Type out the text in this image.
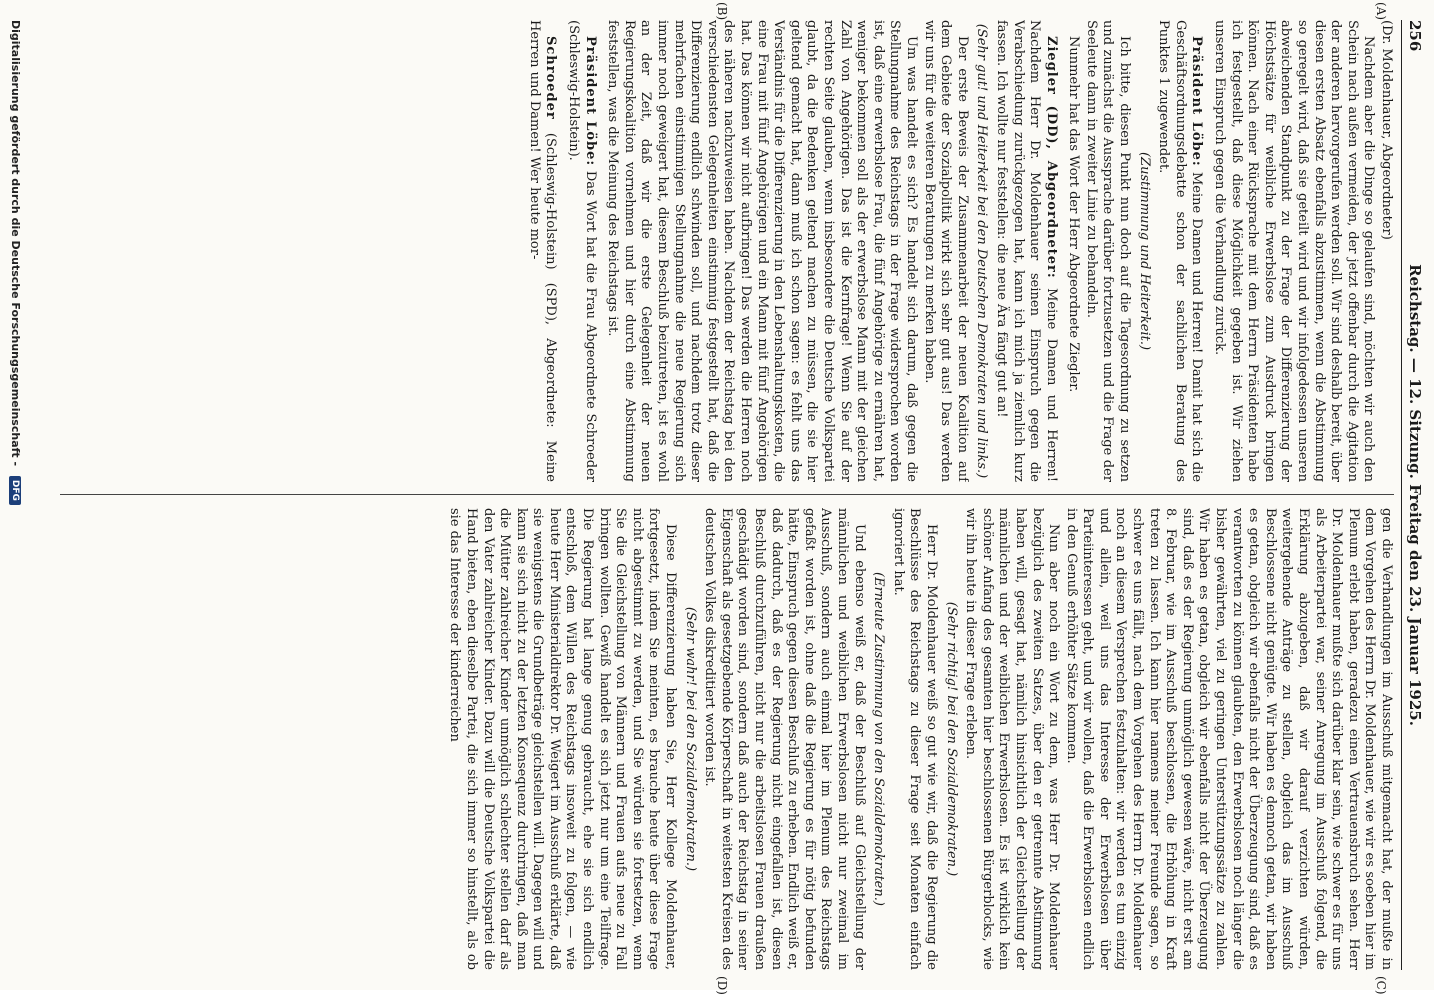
256
Reichstag. — 12. Sitzung. Freitag den 23. Januar 1925.
(A)
(B)
(C)
(D)

(Dr. Moldenhauer, Abgeordneter)

Nachdem aber die Dinge so gelaufen sind, möchten wir auch den Schein nach außen vermeiden, der jetzt offenbar durch die Agitation der anderen hervorgerufen werden soll. Wir sind deshalb bereit, über diesen ersten Absatz ebenfalls abzustimmen, wenn die Abstimmung so geregelt wird, daß sie geteilt wird und wir infolgedessen unseren abweichenden Standpunkt zu der Frage der Differenzierung der Höchstsätze für weibliche Erwerbslose zum Ausdruck bringen können. Nach einer Rücksprache mit dem Herrn Präsidenten habe ich festgestellt, daß diese Möglichkeit gegeben ist. Wir ziehen unseren Einspruch gegen die Verhandlung zurück.

Präsident Löbe: Meine Damen und Herren! Damit hat sich die Geschäftsordnungsdebatte schon der sachlichen Beratung des Punktes 1 zugewendet.

(Zustimmung und Heiterkeit.)

Ich bitte, diesen Punkt nun doch auf die Tagesordnung zu setzen und zunächst die Aussprache darüber fortzusetzen und die Frage der Seeleute dann in zweiter Linie zu behandeln.

Nunmehr hat das Wort der Herr Abgeordnete Ziegler.

Ziegler (DD), Abgeordneter: Meine Damen und Herren! Nachdem Herr Dr. Moldenhauer seinen Einspruch gegen die Verabschiedung zurückgezogen hat, kann ich mich ja ziemlich kurz fassen. Ich wollte nur feststellen: die neue Ära fängt gut an!

(Sehr gut! und Heiterkeit bei den Deutschen Demokraten und links.)

Der erste Beweis der Zusammenarbeit der neuen Koalition auf dem Gebiete der Sozialpolitik wirkt sich sehr gut aus! Das werden wir uns für die weiteren Beratungen zu merken haben.

Um was handelt es sich? Es handelt sich darum, daß gegen die Stellungnahme des Reichstags in der Frage widersprochen worden ist, daß eine erwerbslose Frau, die fünf Angehörige zu ernähren hat, weniger bekommen soll als der erwerbslose Mann mit der gleichen Zahl von Angehörigen. Das ist die Kernfrage! Wenn Sie auf der rechten Seite glauben, wenn insbesondere die Deutsche Volkspartei glaubt, da die Bedenken geltend machen zu müssen, die sie hier geltend gemacht hat, dann muß ich schon sagen: es fehlt uns das Verständnis für die Differenzierung in den Lebenshaltungskosten, die eine Frau mit fünf Angehörigen und ein Mann mit fünf Angehörigen hat. Das können wir nicht aufbringen! Das werden die Herren noch des näheren nachzuweisen haben. Nachdem der Reichstag bei den verschiedensten Gelegenheiten einstimmig festgestellt hat, daß die Differenzierung endlich schwinden soll, und nachdem trotz dieser mehrfachen einstimmigen Stellungnahme die neue Regierung sich immer noch geweigert hat, diesem Beschluß beizutreten, ist es wohl an der Zeit, daß wir die erste Gelegenheit der neuen Regierungskoalition vornehmen und hier durch eine Abstimmung feststellen, was die Meinung des Reichstags ist.

Präsident Löbe: Das Wort hat die Frau Abgeordnete Schroeder (Schleswig-Holstein).

Schroeder (Schleswig-Holstein) (SPD), Abgeordnete: Meine Herren und Damen! Wer heute mor-

gen die Verhandlungen im Ausschuß mitgemacht hat, der mußte in dem Vorgehen des Herrn Dr. Moldenhauer, wie wir es soeben hier im Plenum erlebt haben, geradezu einen Vertrauensbruch sehen. Herr Dr. Moldenhauer mußte sich darüber klar sein, wie schwer es für uns als Arbeiterpartei war, seiner Anregung im Ausschuß folgend, die Erklärung abzugeben, daß wir darauf verzichten würden, weitergehende Anträge zu stellen, obgleich das im Ausschuß Beschlossene nicht genügte. Wir haben es dennoch getan, wir haben es getan, obgleich wir ebenfalls nicht der Überzeugung sind, daß es verantworten zu können glaubten, den Erwerbslosen noch länger die bisher gewährten, viel zu geringen Unterstützungssätze zu zahlen. Wir haben es getan, obgleich wir ebenfalls nicht der Überzeugung sind, daß es der Regierung unmöglich gewesen wäre, nicht erst am 8. Februar, wie im Ausschuß beschlossen, die Erhöhung in Kraft treten zu lassen. Ich kann hier namens meiner Freunde sagen, so schwer es uns fällt, nach dem Vorgehen des Herrn Dr. Moldenhauer noch an diesem Versprechen festzuhalten: wir werden es tun einzig und allein, weil uns das Interesse der Erwerbslosen über Parteiinteressen geht, und wir wollen, daß die Erwerbslosen endlich in den Genuß erhöhter Sätze kommen.

Nun aber noch ein Wort zu dem, was Herr Dr. Moldenhauer bezüglich des zweiten Satzes, über den er getrennte Abstimmung haben will, gesagt hat, nämlich hinsichtlich der Gleichstellung der männlichen und der weiblichen Erwerbslosen. Es ist wirklich kein schöner Anfang des gesamten hier beschlossenen Bürgerblocks, wie wir ihn heute in dieser Frage erleben.

(Sehr richtig! bei den Sozialdemokraten.)

Herr Dr. Moldenhauer weiß so gut wie wir, daß die Regierung die Beschlüsse des Reichstags zu dieser Frage seit Monaten einfach ignoriert hat.

(Erneute Zustimmung von den Sozialdemokraten.)

Und ebenso weiß er, daß der Beschluß auf Gleichstellung der männlichen und weiblichen Erwerbslosen nicht nur zweimal im Ausschuß, sondern auch einmal hier im Plenum des Reichstags gefaßt worden ist, ohne daß die Regierung es für nötig befunden hätte, Einspruch gegen diesen Beschluß zu erheben. Endlich weiß er, daß dadurch, daß es der Regierung nicht eingefallen ist, diesen Beschluß durchzuführen, nicht nur die arbeitslosen Frauen draußen geschädigt worden sind, sondern daß auch der Reichstag in seiner Eigenschaft als gesetzgebende Körperschaft in weitesten Kreisen des deutschen Volkes diskreditiert worden ist.

(Sehr wahr! bei den Sozialdemokraten.)

Diese Differenzierung haben Sie, Herr Kollege Moldenhauer, fortgesetzt, indem Sie meinten, es brauche heute über diese Frage nicht abgestimmt zu werden, und Sie würden sie fortsetzen, wenn Sie die Gleichstellung von Männern und Frauen aufs neue zu Fall bringen wollten. Gewiß handelt es sich jetzt nur um eine Teilfrage. Die Regierung hat lange genug gebraucht, ehe sie sich endlich entschloß, dem Willen des Reichstags insoweit zu folgen, — wie heute Herr Ministerialdirektor Dr. Weigert im Ausschuß erklärte, daß sie wenigstens die Grundbeträge gleichstellen will. Dagegen will und kann sie sich nicht zu der letzten Konsequenz durchringen, daß man die Mütter zahlreicher Kinder unmöglich schlechter stellen darf als den Vater zahlreicher Kinder. Dazu will die Deutsche Volkspartei die Hand bieten, eben dieselbe Partei, die sich immer so hinstellt, als ob sie das Interesse der kinderreichen

Digitalisierung gefördert durch die Deutsche Forschungsgemeinschaft - DFG
